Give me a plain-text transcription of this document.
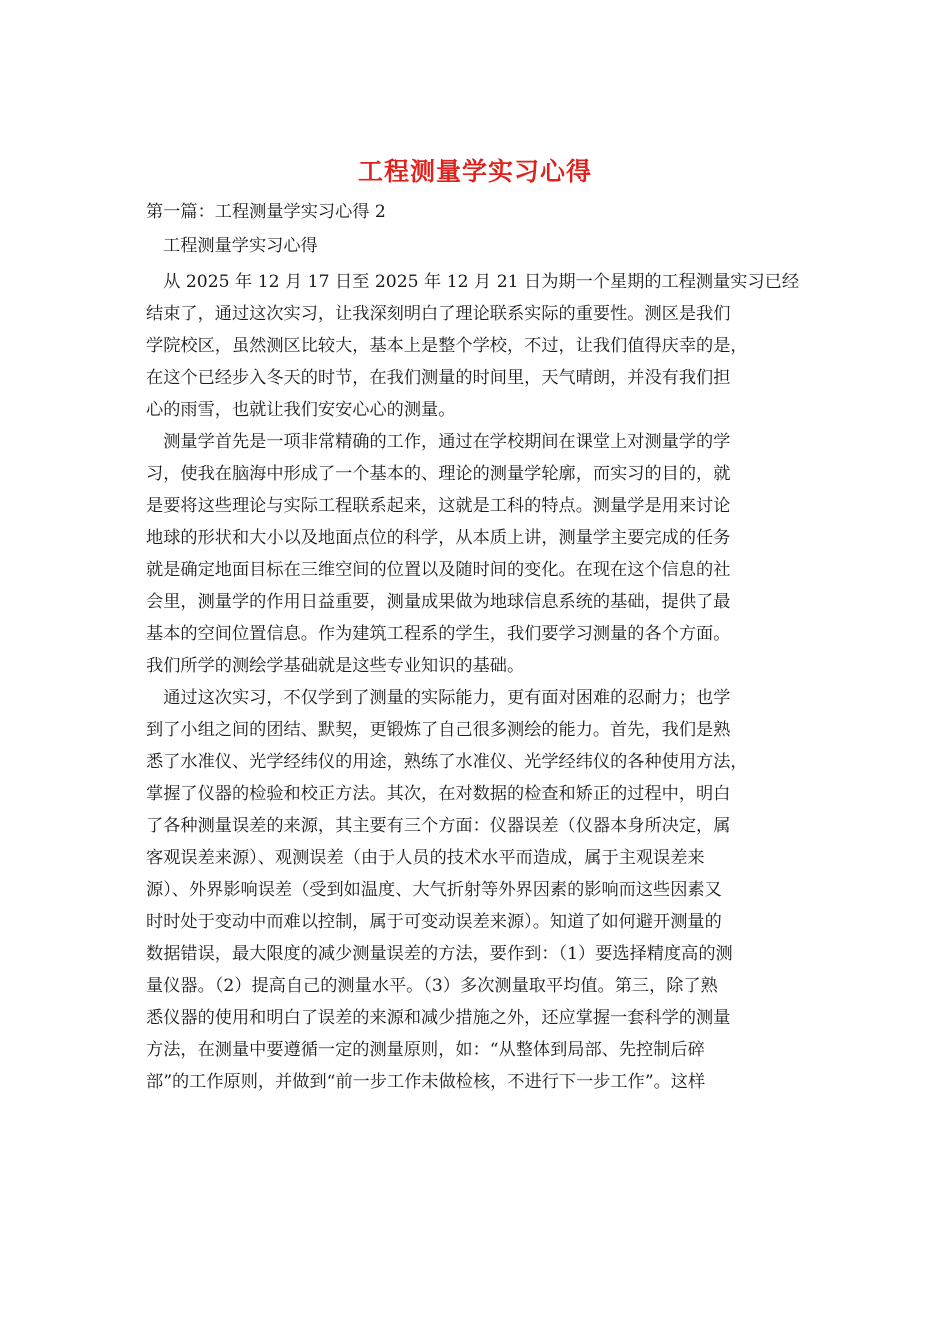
工程测量学实习心得
第一篇：工程测量学实习心得 2
工程测量学实习心得
　从 2025 年 12 月 17 日至 2025 年 12 月 21 日为期一个星期的工程测量实习已经
结束了，通过这次实习，让我深刻明白了理论联系实际的重要性。测区是我们
学院校区，虽然测区比较大，基本上是整个学校，不过，让我们值得庆幸的是，
在这个已经步入冬天的时节，在我们测量的时间里，天气晴朗，并没有我们担
心的雨雪，也就让我们安安心心的测量。
　测量学首先是一项非常精确的工作，通过在学校期间在课堂上对测量学的学
习，使我在脑海中形成了一个基本的、理论的测量学轮廓，而实习的目的，就
是要将这些理论与实际工程联系起来，这就是工科的特点。测量学是用来讨论
地球的形状和大小以及地面点位的科学，从本质上讲，测量学主要完成的任务
就是确定地面目标在三维空间的位置以及随时间的变化。在现在这个信息的社
会里，测量学的作用日益重要，测量成果做为地球信息系统的基础，提供了最
基本的空间位置信息。作为建筑工程系的学生，我们要学习测量的各个方面。
我们所学的测绘学基础就是这些专业知识的基础。
　通过这次实习，不仅学到了测量的实际能力，更有面对困难的忍耐力；也学
到了小组之间的团结、默契，更锻炼了自己很多测绘的能力。首先，我们是熟
悉了水准仪、光学经纬仪的用途，熟练了水准仪、光学经纬仪的各种使用方法，
掌握了仪器的检验和校正方法。其次，在对数据的检查和矫正的过程中，明白
了各种测量误差的来源，其主要有三个方面：仪器误差（仪器本身所决定，属
客观误差来源）、观测误差（由于人员的技术水平而造成，属于主观误差来
源）、外界影响误差（受到如温度、大气折射等外界因素的影响而这些因素又
时时处于变动中而难以控制，属于可变动误差来源）。知道了如何避开测量的
数据错误，最大限度的减少测量误差的方法，要作到：（1）要选择精度高的测
量仪器。（2）提高自己的测量水平。（3）多次测量取平均值。第三，除了熟
悉仪器的使用和明白了误差的来源和减少措施之外，还应掌握一套科学的测量
方法，在测量中要遵循一定的测量原则，如：“从整体到局部、先控制后碎
部”的工作原则，并做到“前一步工作未做检核，不进行下一步工作”。这样
